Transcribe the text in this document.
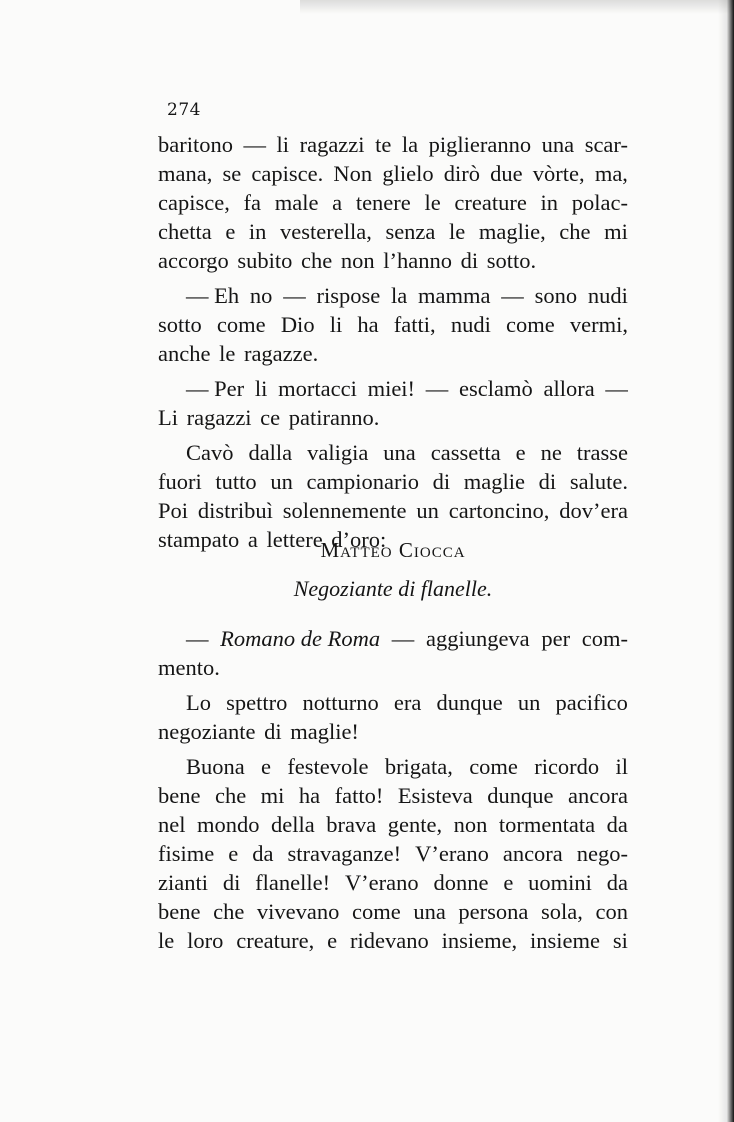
274
baritono — li ragazzi te la piglieranno una scar-
mana, se capisce. Non glielo dirò due vòrte, ma,
capisce, fa male a tenere le creature in polac-
chetta e in vesterella, senza le maglie, che mi
accorgo subito che non l’hanno di sotto.
— Eh no — rispose la mamma — sono nudi
sotto come Dio li ha fatti, nudi come vermi,
anche le ragazze.
— Per li mortacci miei! — esclamò allora —
Li ragazzi ce patiranno.
Cavò dalla valigia una cassetta e ne trasse
fuori tutto un campionario di maglie di salute.
Poi distribuì solennemente un cartoncino, dov’era
stampato a lettere d’oro:
Matteo Ciocca
Negoziante di flanelle.
— Romano de Roma — aggiungeva per com-
mento.
Lo spettro notturno era dunque un pacifico
negoziante di maglie!
Buona e festevole brigata, come ricordo il
bene che mi ha fatto! Esisteva dunque ancora
nel mondo della brava gente, non tormentata da
fisime e da stravaganze! V’erano ancora nego-
zianti di flanelle! V’erano donne e uomini da
bene che vivevano come una persona sola, con
le loro creature, e ridevano insieme, insieme si
